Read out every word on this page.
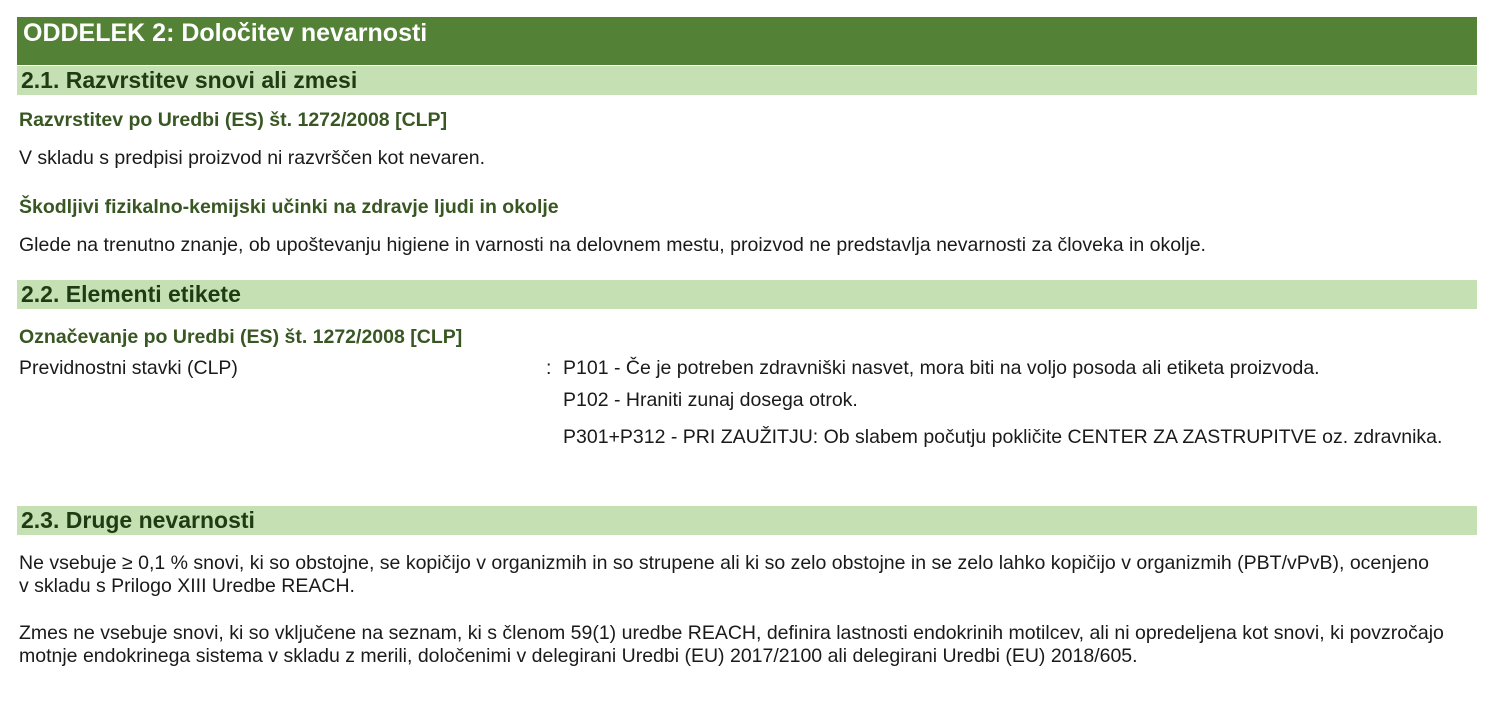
ODDELEK 2: Določitev nevarnosti
2.1. Razvrstitev snovi ali zmesi
Razvrstitev po Uredbi (ES) št. 1272/2008 [CLP]
V skladu s predpisi proizvod ni razvrščen kot nevaren.
Škodljivi fizikalno-kemijski učinki na zdravje ljudi in okolje
Glede na trenutno znanje, ob upoštevanju higiene in varnosti na delovnem mestu, proizvod ne predstavlja nevarnosti za človeka in okolje.
2.2. Elementi etikete
Označevanje po Uredbi (ES) št. 1272/2008 [CLP]
Previdnostni stavki (CLP)	: P101 - Če je potreben zdravniški nasvet, mora biti na voljo posoda ali etiketa proizvoda.
P102 - Hraniti zunaj dosega otrok.
P301+P312 - PRI ZAUŽITJU: Ob slabem počutju pokličite CENTER ZA ZASTRUPITVE oz. zdravnika.
2.3. Druge nevarnosti
Ne vsebuje ≥ 0,1 % snovi, ki so obstojne, se kopičijo v organizmih in so strupene ali ki so zelo obstojne in se zelo lahko kopičijo v organizmih (PBT/vPvB), ocenjeno v skladu s Prilogo XIII Uredbe REACH.
Zmes ne vsebuje snovi, ki so vključene na seznam, ki s členom 59(1) uredbe REACH, definira lastnosti endokrinih motilcev, ali ni opredeljena kot snovi, ki povzročajo motnje endokrinega sistema v skladu z merili, določenimi v delegirani Uredbi (EU) 2017/2100 ali delegirani Uredbi (EU) 2018/605.
